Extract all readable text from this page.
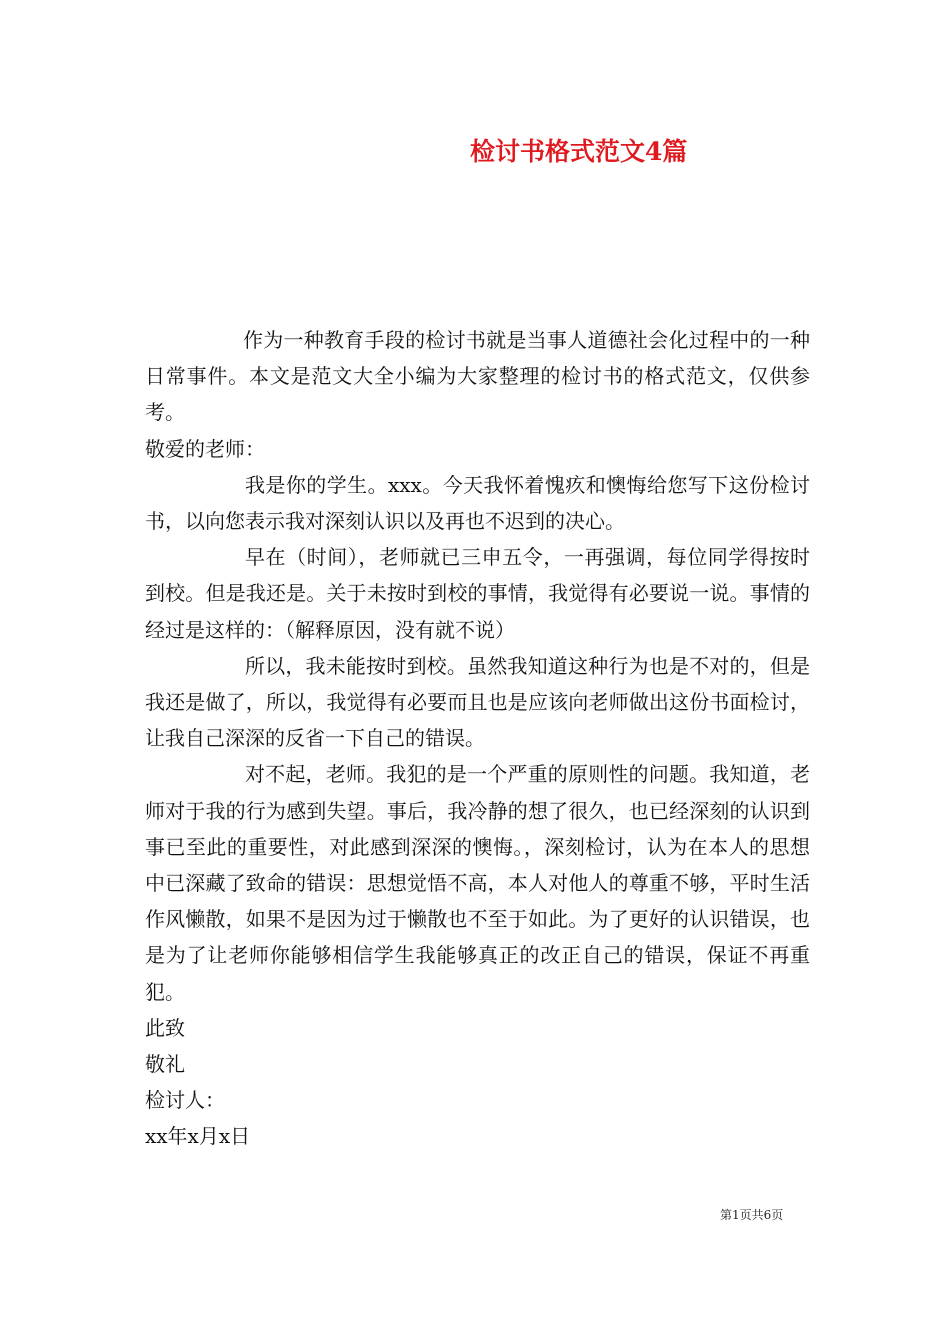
检讨书格式范文4篇

作为一种教育手段的检讨书就是当事人道德社会化过程中的一种日常事件。本文是范文大全小编为大家整理的检讨书的格式范文，仅供参考。

敬爱的老师：

我是你的学生。xxx。今天我怀着愧疚和懊悔给您写下这份检讨书，以向您表示我对深刻认识以及再也不迟到的决心。

早在（时间），老师就已三申五令，一再强调，每位同学得按时到校。但是我还是。关于未按时到校的事情，我觉得有必要说一说。事情的经过是这样的：（解释原因，没有就不说）

所以，我未能按时到校。虽然我知道这种行为也是不对的，但是我还是做了，所以，我觉得有必要而且也是应该向老师做出这份书面检讨，让我自己深深的反省一下自己的错误。

对不起，老师。我犯的是一个严重的原则性的问题。我知道，老师对于我的行为感到失望。事后，我冷静的想了很久，也已经深刻的认识到事已至此的重要性，对此感到深深的懊悔。，深刻检讨，认为在本人的思想中已深藏了致命的错误：思想觉悟不高，本人对他人的尊重不够，平时生活作风懒散，如果不是因为过于懒散也不至于如此。为了更好的认识错误，也是为了让老师你能够相信学生我能够真正的改正自己的错误，保证不再重犯。

此致

敬礼

检讨人：

xx年x月x日

第1页共6页
